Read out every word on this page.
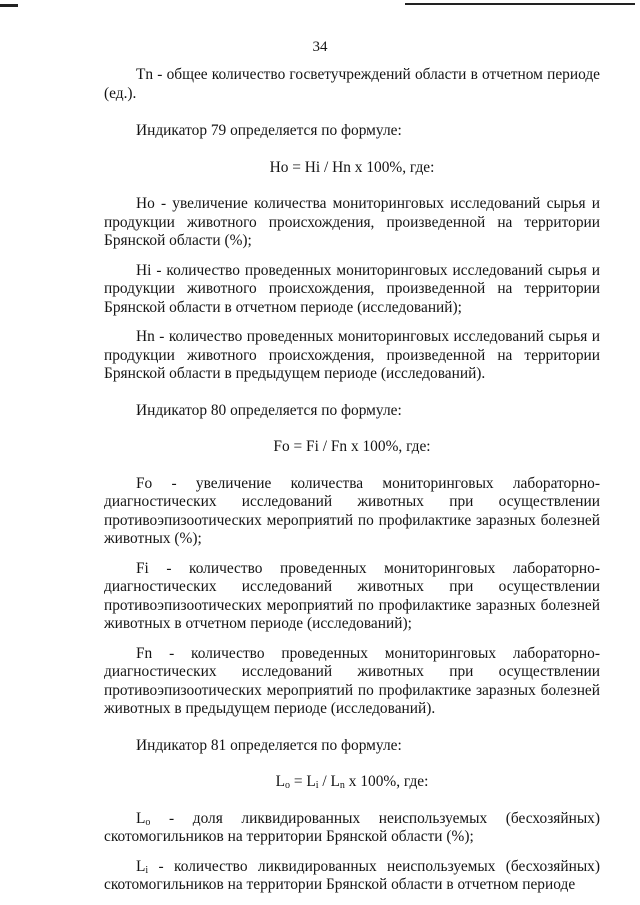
34

Тn - общее количество госветучреждений области в отчетном периоде (ед.).

Индикатор 79 определяется по формуле:

Ho = Hi / Hn x 100%, где:

Ho - увеличение количества мониторинговых исследований сырья и продукции животного происхождения, произведенной на территории Брянской области (%);

Hi - количество проведенных мониторинговых исследований сырья и продукции животного происхождения, произведенной на территории Брянской области в отчетном периоде (исследований);

Hn - количество проведенных мониторинговых исследований сырья и продукции животного происхождения, произведенной на территории Брянской области в предыдущем периоде (исследований).

Индикатор 80 определяется по формуле:

Fo = Fi / Fn x 100%, где:

Fo - увеличение количества мониторинговых лабораторно-диагностических исследований животных при осуществлении противоэпизоотических мероприятий по профилактике заразных болезней животных (%);

Fi - количество проведенных мониторинговых лабораторно-диагностических исследований животных при осуществлении противоэпизоотических мероприятий по профилактике заразных болезней животных в отчетном периоде (исследований);

Fn - количество проведенных мониторинговых лабораторно-диагностических исследований животных при осуществлении противоэпизоотических мероприятий по профилактике заразных болезней животных в предыдущем периоде (исследований).

Индикатор 81 определяется по формуле:

$L_o = L_i / L_n$ x 100%, где:

$L_o$ - доля ликвидированных неиспользуемых (бесхозяйных) скотомогильников на территории Брянской области (%);

$L_i$ - количество ликвидированных неиспользуемых (бесхозяйных) скотомогильников на территории Брянской области в отчетном периоде
